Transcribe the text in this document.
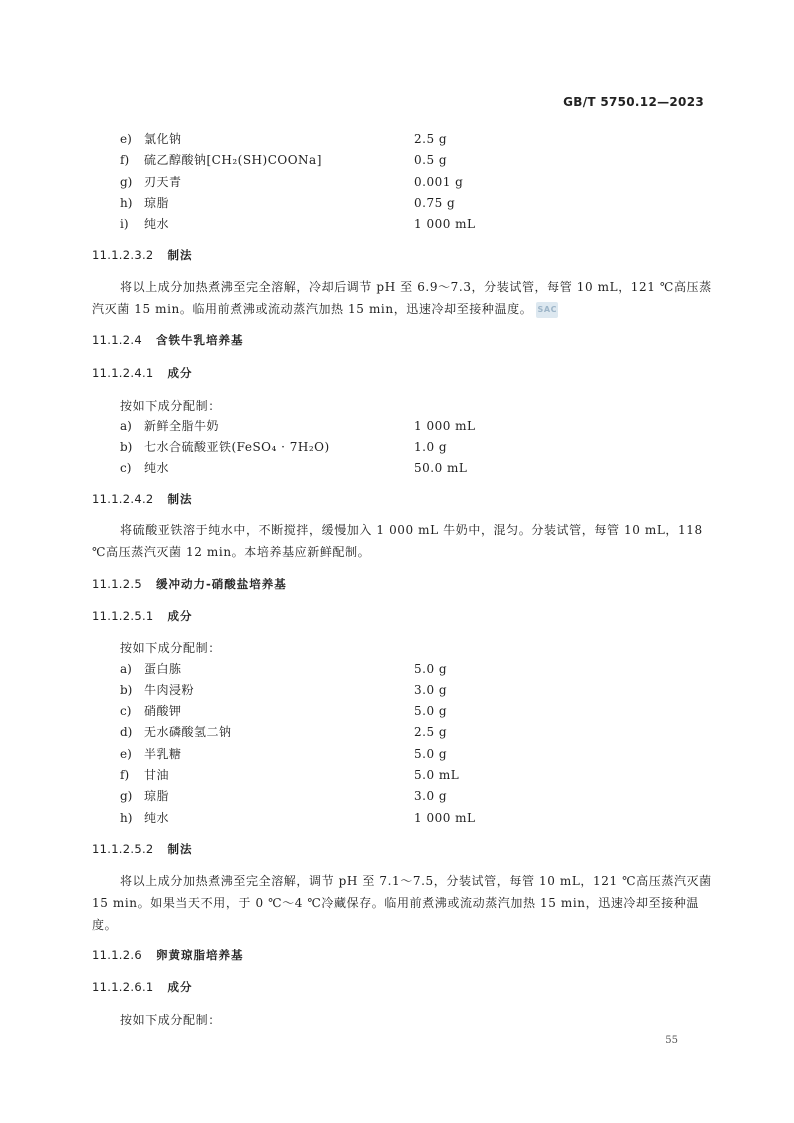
GB/T 5750.12—2023
e) 氯化钠	2.5 g
f) 硫乙醇酸钠[CH₂(SH)COONa]	0.5 g
g) 刃天青	0.001 g
h) 琼脂	0.75 g
i) 纯水	1 000 mL
11.1.2.3.2 制法
将以上成分加热煮沸至完全溶解，冷却后调节 pH 至 6.9～7.3，分装试管，每管 10 mL，121 ℃高压蒸汽灭菌 15 min。临用前煮沸或流动蒸汽加热 15 min，迅速冷却至接种温度。 SAC
11.1.2.4 含铁牛乳培养基
11.1.2.4.1 成分
按如下成分配制：
a) 新鲜全脂牛奶	1 000 mL
b) 七水合硫酸亚铁(FeSO₄ · 7H₂O)	1.0 g
c) 纯水	50.0 mL
11.1.2.4.2 制法
将硫酸亚铁溶于纯水中，不断搅拌，缓慢加入 1 000 mL 牛奶中，混匀。分装试管，每管 10 mL，118 ℃高压蒸汽灭菌 12 min。本培养基应新鲜配制。
11.1.2.5 缓冲动力-硝酸盐培养基
11.1.2.5.1 成分
按如下成分配制：
a) 蛋白胨	5.0 g
b) 牛肉浸粉	3.0 g
c) 硝酸钾	5.0 g
d) 无水磷酸氢二钠	2.5 g
e) 半乳糖	5.0 g
f) 甘油	5.0 mL
g) 琼脂	3.0 g
h) 纯水	1 000 mL
11.1.2.5.2 制法
将以上成分加热煮沸至完全溶解，调节 pH 至 7.1～7.5，分装试管，每管 10 mL，121 ℃高压蒸汽灭菌 15 min。如果当天不用，于 0 ℃～4 ℃冷藏保存。临用前煮沸或流动蒸汽加热 15 min，迅速冷却至接种温度。
11.1.2.6 卵黄琼脂培养基
11.1.2.6.1 成分
按如下成分配制：
55
